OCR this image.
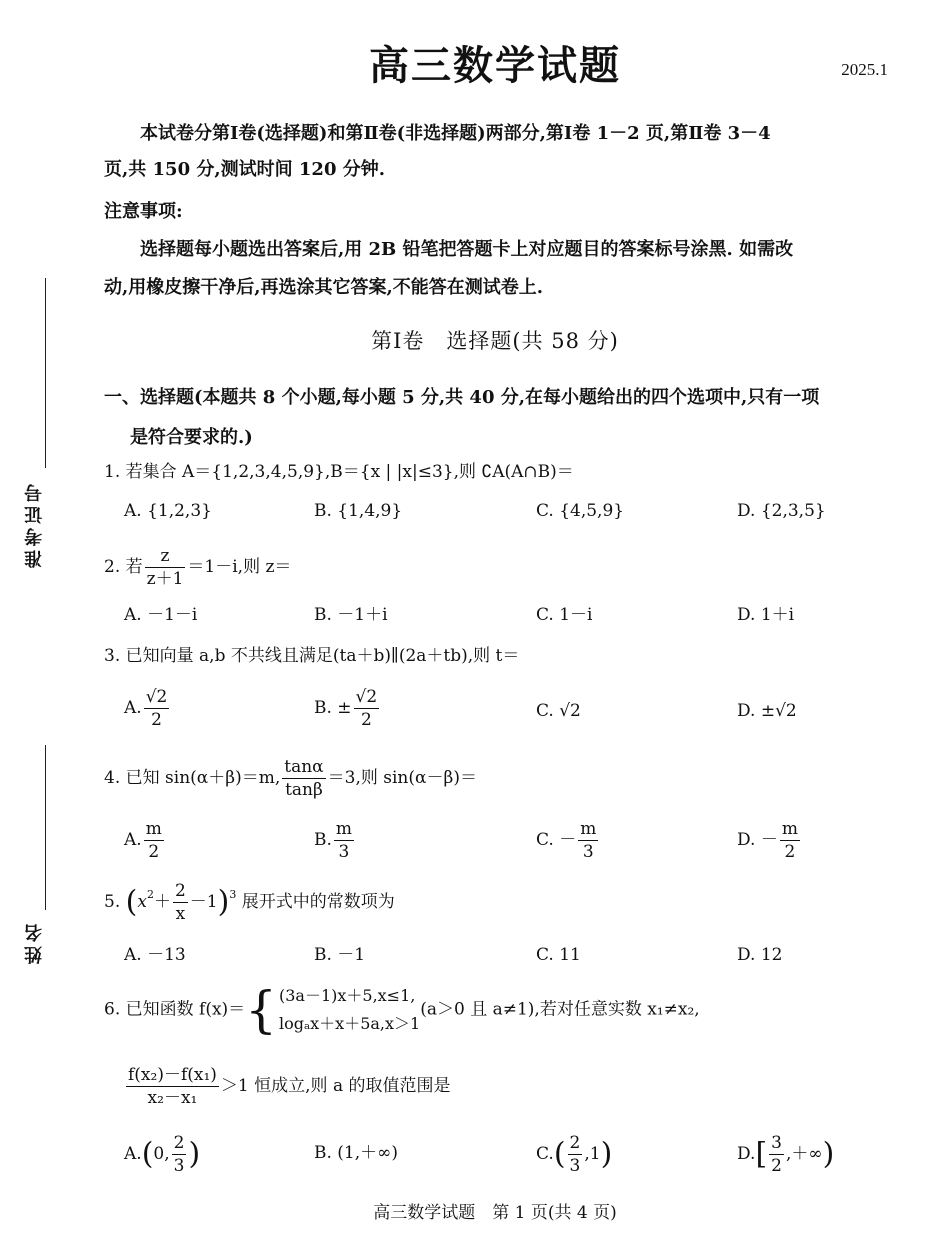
高三数学试题	2025.1
本试卷分第Ⅰ卷(选择题)和第Ⅱ卷(非选择题)两部分,第Ⅰ卷 1－2 页,第Ⅱ卷 3－4
页,共 150 分,测试时间 120 分钟.
注意事项:
选择题每小题选出答案后,用 2B 铅笔把答题卡上对应题目的答案标号涂黑. 如需改
动,用橡皮擦干净后,再选涂其它答案,不能答在测试卷上.
第Ⅰ卷　选择题(共 58 分)
一、选择题(本题共 8 个小题,每小题 5 分,共 40 分,在每小题给出的四个选项中,只有一项
是符合要求的.)
准考证号
姓名
1. 若集合 A＝{1,2,3,4,5,9},B＝{x | |x|≤3},则 ∁A(A∩B)＝
A. {1,2,3}	B. {1,4,9}	C. {4,5,9}	D. {2,3,5}
2. 若 $\frac{z}{z+1} =1-i$,则 z＝
A. －1－i	B. －1＋i	C. 1－i	D. 1＋i
3. 已知向量 a,b 不共线且满足(ta＋b)∥(2a＋tb),则 t＝
A. $\frac{√2}{2}$	B. ± $\frac{√2}{2}$	C. √2	D. ±√2
4. 已知 sin(α＋β)＝m, $\frac{\tan\alpha}{\tan\beta} =3$,则 sin(α－β)＝
A. $\frac{m}{2}$	B. $\frac{m}{3}$	C. － $\frac{m}{3}$	D. － $\frac{m}{2}$
5. $(x^2+ \frac{2}{x} -1)^3$ 展开式中的常数项为
A. －13	B. －1	C. 11	D. 12
6. 已知函数 f(x)＝{ (3a－1)x＋5,x≤1,
logₐx＋x＋5a,x＞1
(a＞0 且 a≠1),若对任意实数 x₁≠x₂,
$\frac{\text{f(x₂)－f(x₁)}}{\text{x₂－x₁}} >1$ 恒成立,则 a 的取值范围是
A.(0, $\frac{2}{3}$ )	B. (1,＋∞)	$C.( \frac{2}{3} ,1)$	$D.[ \frac{3}{2}$ ,＋∞)
高三数学试题　第 1 页(共 4 页)
